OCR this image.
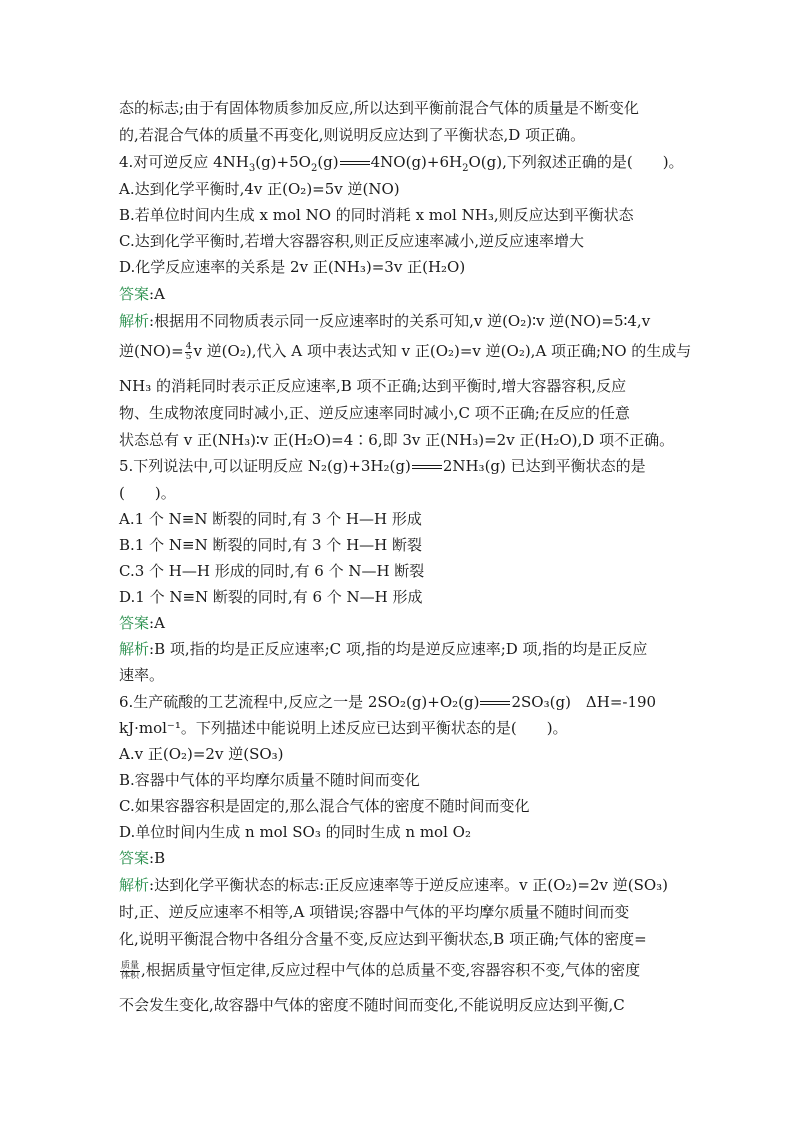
态的标志;由于有固体物质参加反应,所以达到平衡前混合气体的质量是不断变化
的,若混合气体的质量不再变化,则说明反应达到了平衡状态,D 项正确。
4.对可逆反应 $4NH_3(g)+5O_2(g)$ $4NO(g)+6H_2O(g)$,下列叙述正确的是(　　)。
A.达到化学平衡时,4v 正(O₂)=5v 逆(NO)
B.若单位时间内生成 x mol NO 的同时消耗 x mol NH₃,则反应达到平衡状态
C.达到化学平衡时,若增大容器容积,则正反应速率减小,逆反应速率增大
D.化学反应速率的关系是 2v 正(NH₃)=3v 正(H₂O)
答案:A
解析:根据用不同物质表示同一反应速率时的关系可知,v 逆(O₂)∶v 逆(NO)=5∶4,v
逆$(NO)= \frac{4}{5}$ v 逆(O₂),代入 A 项中表达式知 v 正(O₂)=v 逆(O₂),A 项正确;NO 的生成与
NH₃ 的消耗同时表示正反应速率,B 项不正确;达到平衡时,增大容器容积,反应
物、生成物浓度同时减小,正、逆反应速率同时减小,C 项不正确;在反应的任意
状态总有 v 正(NH₃)∶v 正(H₂O)=4∶6,即 3v 正(NH₃)=2v 正(H₂O),D 项不正确。
5.下列说法中,可以证明反应 N₂(g)+3H₂(g) 2NH₃(g) 已达到平衡状态的是
(　　)。
A.1 个 N≡N 断裂的同时,有 3 个 H—H 形成
B.1 个 N≡N 断裂的同时,有 3 个 H—H 断裂
C.3 个 H—H 形成的同时,有 6 个 N—H 断裂
D.1 个 N≡N 断裂的同时,有 6 个 N—H 形成
答案:A
解析:B 项,指的均是正反应速率;C 项,指的均是逆反应速率;D 项,指的均是正反应
速率。
6.生产硫酸的工艺流程中,反应之一是 2SO₂(g)+O₂(g) 2SO₃(g)　ΔH=-190
kJ·mol⁻¹。下列描述中能说明上述反应已达到平衡状态的是(　　)。
A.v 正(O₂)=2v 逆(SO₃)
B.容器中气体的平均摩尔质量不随时间而变化
C.如果容器容积是固定的,那么混合气体的密度不随时间而变化
D.单位时间内生成 n mol SO₃ 的同时生成 n mol O₂
答案:B
解析:达到化学平衡状态的标志:正反应速率等于逆反应速率。v 正(O₂)=2v 逆(SO₃)
时,正、逆反应速率不相等,A 项错误;容器中气体的平均摩尔质量不随时间而变
化,说明平衡混合物中各组分含量不变,反应达到平衡状态,B 项正确;气体的密度=
$\frac{\text{质量}}{\text{体积}}$ ,根据质量守恒定律,反应过程中气体的总质量不变,容器容积不变,气体的密度
不会发生变化,故容器中气体的密度不随时间而变化,不能说明反应达到平衡,C
